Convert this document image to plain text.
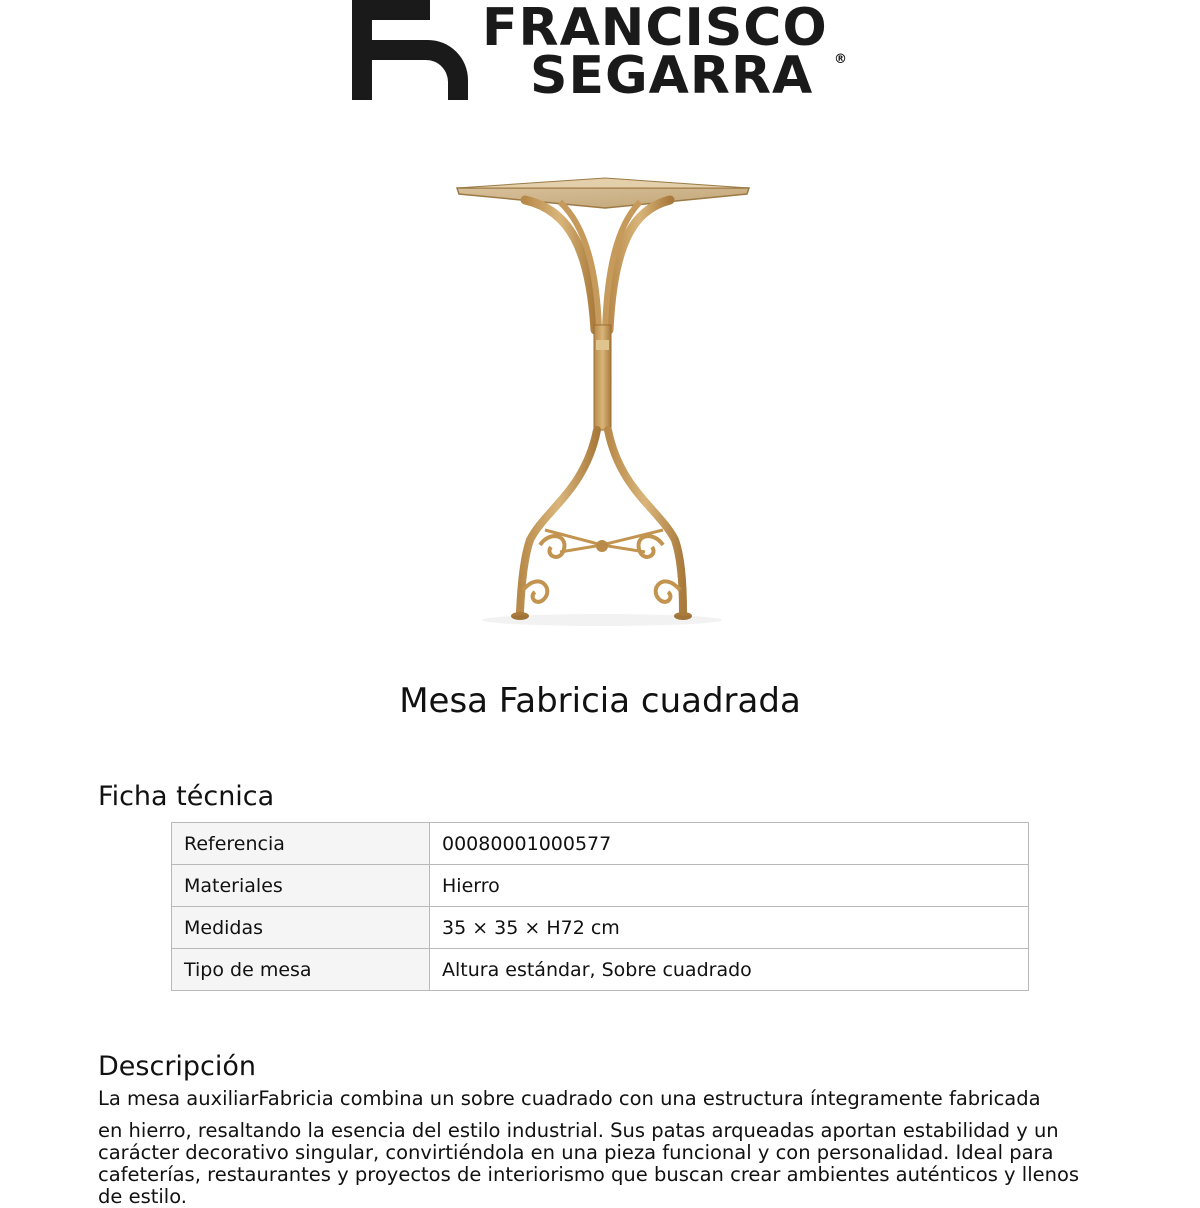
FRANCISCO
SEGARRA ®
Mesa Fabricia cuadrada
Ficha técnica
Referencia	00080001000577
Materiales	Hierro
Medidas	35 × 35 × H72 cm
Tipo de mesa	Altura estándar, Sobre cuadrado
Descripción

La mesa auxiliarFabricia combina un sobre cuadrado con una estructura íntegramente fabricada
en hierro, resaltando la esencia del estilo industrial. Sus patas arqueadas aportan estabilidad y un carácter decorativo singular, convirtiéndola en una pieza funcional y con personalidad. Ideal para cafeterías, restaurantes y proyectos de interiorismo que buscan crear ambientes auténticos y llenos de estilo.
